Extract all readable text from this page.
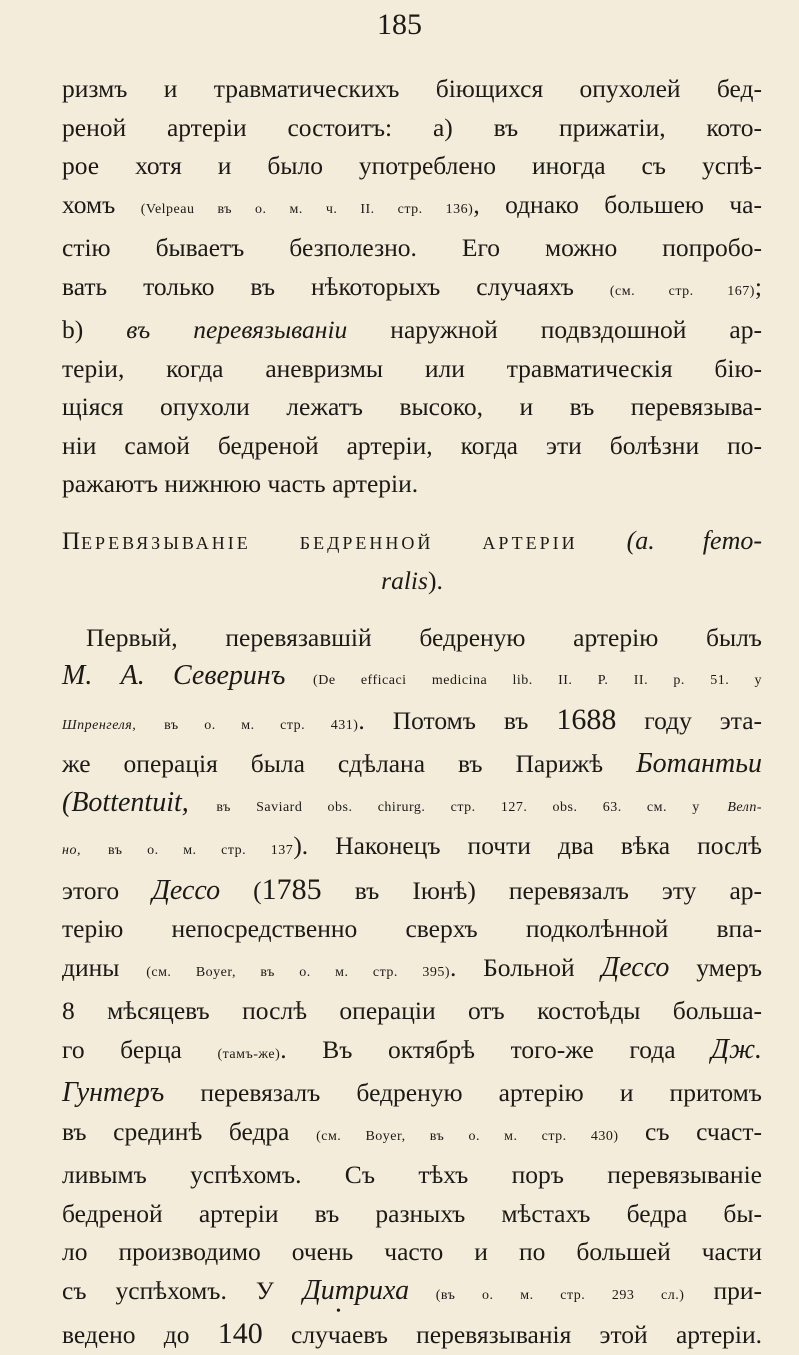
185
ризмъ и травматическихъ біющихся опухолей бед-
реной артеріи состоитъ: а) въ прижатіи, кото-
рое хотя и было употреблено иногда съ успѣ-
хомъ (Velpeau въ о. м. ч. II. стр. 136), однако большею ча-
стію бываетъ безполезно. Его можно попробо-
вать только въ нѣкоторыхъ случаяхъ (см. стр. 167);
b) въ перевязываніи наружной подвздошной ар-
теріи, когда аневризмы или травматическія бію-
щіяся опухоли лежатъ высоко, и въ перевязыва-
ніи самой бедреной артеріи, когда эти болѣзни по-
ражаютъ нижнюю часть артеріи.
ПЕРЕВЯЗЫВАНІЕ БЕДРЕННОЙ АРТЕРІИ (a. femo-
ralis).
Первый, перевязавшій бедреную артерію былъ
М. А. Северинъ (De efficaci medicina lib. II. P. II. p. 51. у
Шпренгеля, въ о. м. стр. 431). Потомъ въ 1688 году эта-
же операція была сдѣлана въ Парижѣ Ботантьи
(Bottentuit, въ Saviard obs. chirurg. стр. 127. obs. 63. см. у Велп-
но, въ о. м. стр. 137). Наконецъ почти два вѣка послѣ
этого Дессо (1785 въ Іюнѣ) перевязалъ эту ар-
терію непосредственно сверхъ подколѣнной впа-
дины (см. Boyer, въ о. м. стр. 395). Больной Дессо умеръ
8 мѣсяцевъ послѣ операціи отъ костоѣды больша-
го берца (тамъ-же). Въ октябрѣ того-же года Дж.
Гунтеръ перевязалъ бедреную артерію и притомъ
въ срединѣ бедра (см. Boyer, въ о. м. стр. 430) съ счаст-
ливымъ успѣхомъ. Съ тѣхъ поръ перевязываніе
бедреной артеріи въ разныхъ мѣстахъ бедра бы-
ло производимо очень часто и по большей части
съ успѣхомъ. У Дитриха (въ о. м. стр. 293 сл.) при-
ведено до 140 случаевъ перевязыванія этой артеріи.
•
